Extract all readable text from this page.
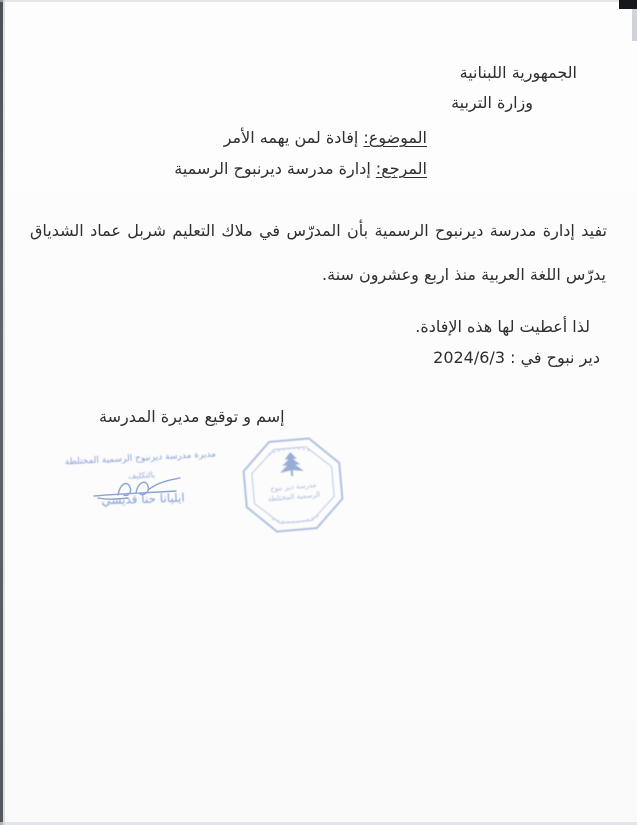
الجمهورية اللبنانية
وزارة التربية
الموضوع:إفادة لمن يهمه الأمر
المرجع:إدارة مدرسة ديرنبوح الرسمية
تفيد إدارة مدرسة ديرنبوح الرسمية بأن المدرّس في ملاك التعليم شربل عماد الشدياق
يدرّس اللغة العربية منذ اربع وعشرون سنة.
لذا أعطيت لها هذه الإفادة.
دير نبوح في : 2024/6/3
إسم و توقيع مديرة المدرسة
مديرة مدرسة ديرنبوح الرسمية المختلطة
بالتكليف
ايليانا حنا قديسي
مدرسة دير نبوح
الرسمية المختلطة
